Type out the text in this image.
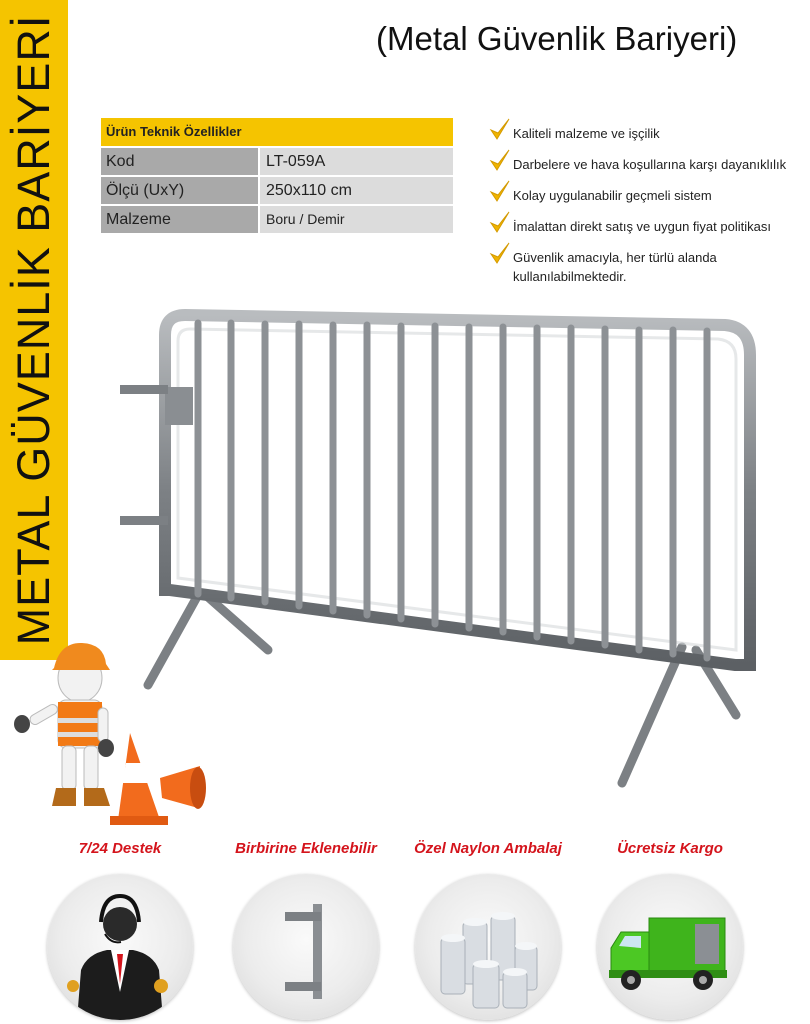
METAL GÜVENLİK BARİYERİ	(Metal Güvenlik Bariyeri)
Ürün Teknik Özellikler
Kod	LT-059A
Ölçü (UxY)	250x110 cm
Malzeme	Boru / Demir
Kaliteli malzeme ve işçilik
Darbelere ve hava koşullarına karşı dayanıklılık
Kolay uygulanabilir geçmeli sistem
İmalattan direkt satış ve uygun fiyat politikası
Güvenlik amacıyla, her türlü alanda kullanılabilmektedir.
7/24 Destek	Birbirine Eklenebilir	Özel Naylon Ambalaj	Ücretsiz Kargo
